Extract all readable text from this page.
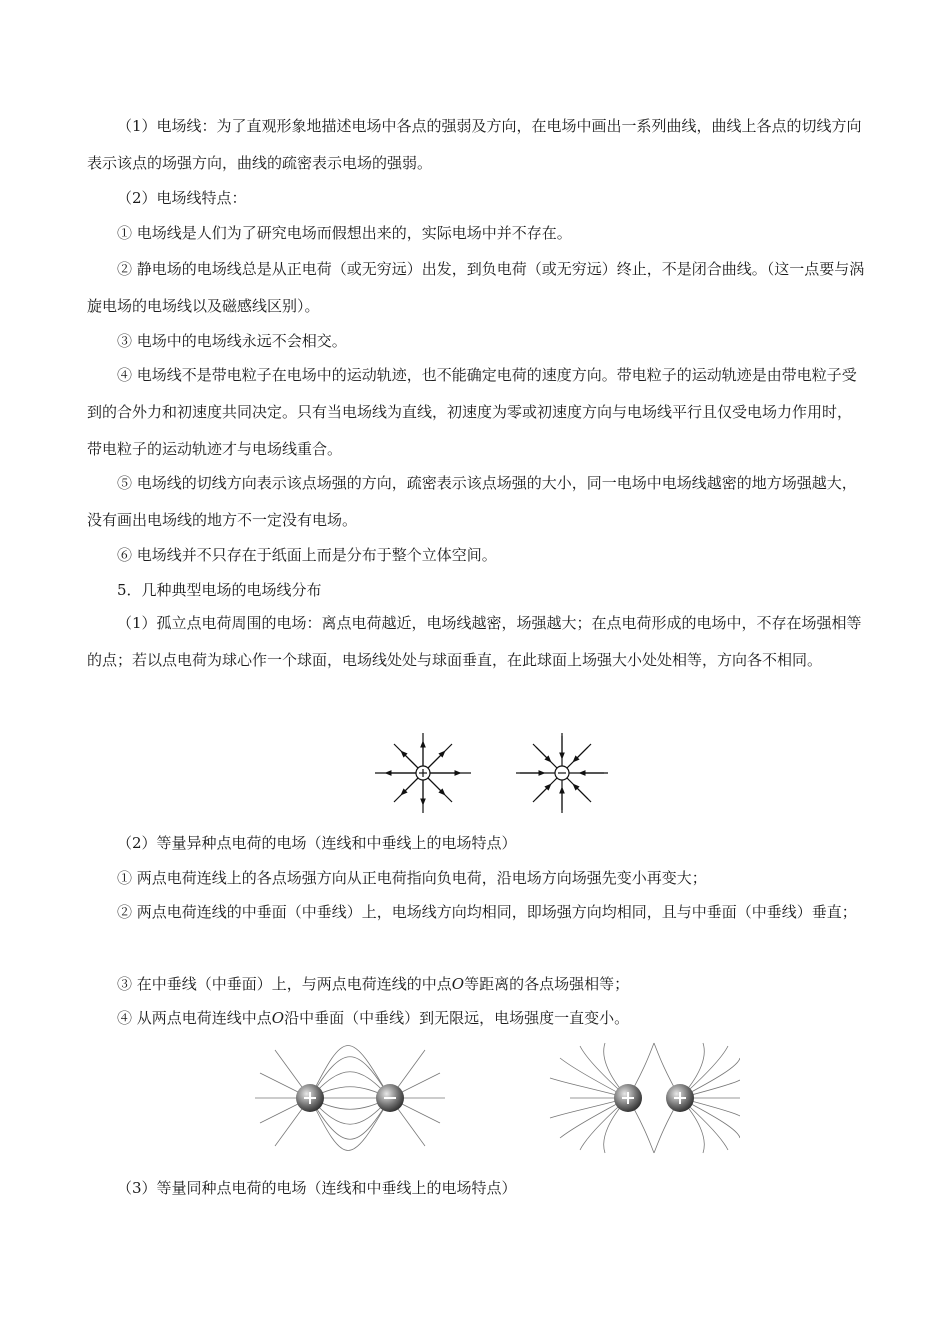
（1）电场线：为了直观形象地描述电场中各点的强弱及方向，在电场中画出一系列曲线，曲线上各点的切线方向表示该点的场强方向，曲线的疏密表示电场的强弱。

（2）电场线特点：

① 电场线是人们为了研究电场而假想出来的，实际电场中并不存在。

② 静电场的电场线总是从正电荷（或无穷远）出发，到负电荷（或无穷远）终止，不是闭合曲线。（这一点要与涡旋电场的电场线以及磁感线区别）。

③ 电场中的电场线永远不会相交。

④ 电场线不是带电粒子在电场中的运动轨迹，也不能确定电荷的速度方向。带电粒子的运动轨迹是由带电粒子受到的合外力和初速度共同决定。只有当电场线为直线，初速度为零或初速度方向与电场线平行且仅受电场力作用时，带电粒子的运动轨迹才与电场线重合。

⑤ 电场线的切线方向表示该点场强的方向，疏密表示该点场强的大小，同一电场中电场线越密的地方场强越大，没有画出电场线的地方不一定没有电场。

⑥ 电场线并不只存在于纸面上而是分布于整个立体空间。

5．几种典型电场的电场线分布

（1）孤立点电荷周围的电场：离点电荷越近，电场线越密，场强越大；在点电荷形成的电场中，不存在场强相等的点；若以点电荷为球心作一个球面，电场线处处与球面垂直，在此球面上场强大小处处相等，方向各不相同。

（2）等量异种点电荷的电场（连线和中垂线上的电场特点）

① 两点电荷连线上的各点场强方向从正电荷指向负电荷，沿电场方向场强先变小再变大；

② 两点电荷连线的中垂面（中垂线）上，电场线方向均相同，即场强方向均相同，且与中垂面（中垂线）垂直；

③ 在中垂线（中垂面）上，与两点电荷连线的中点O等距离的各点场强相等；

④ 从两点电荷连线中点O沿中垂面（中垂线）到无限远，电场强度一直变小。

（3）等量同种点电荷的电场（连线和中垂线上的电场特点）
